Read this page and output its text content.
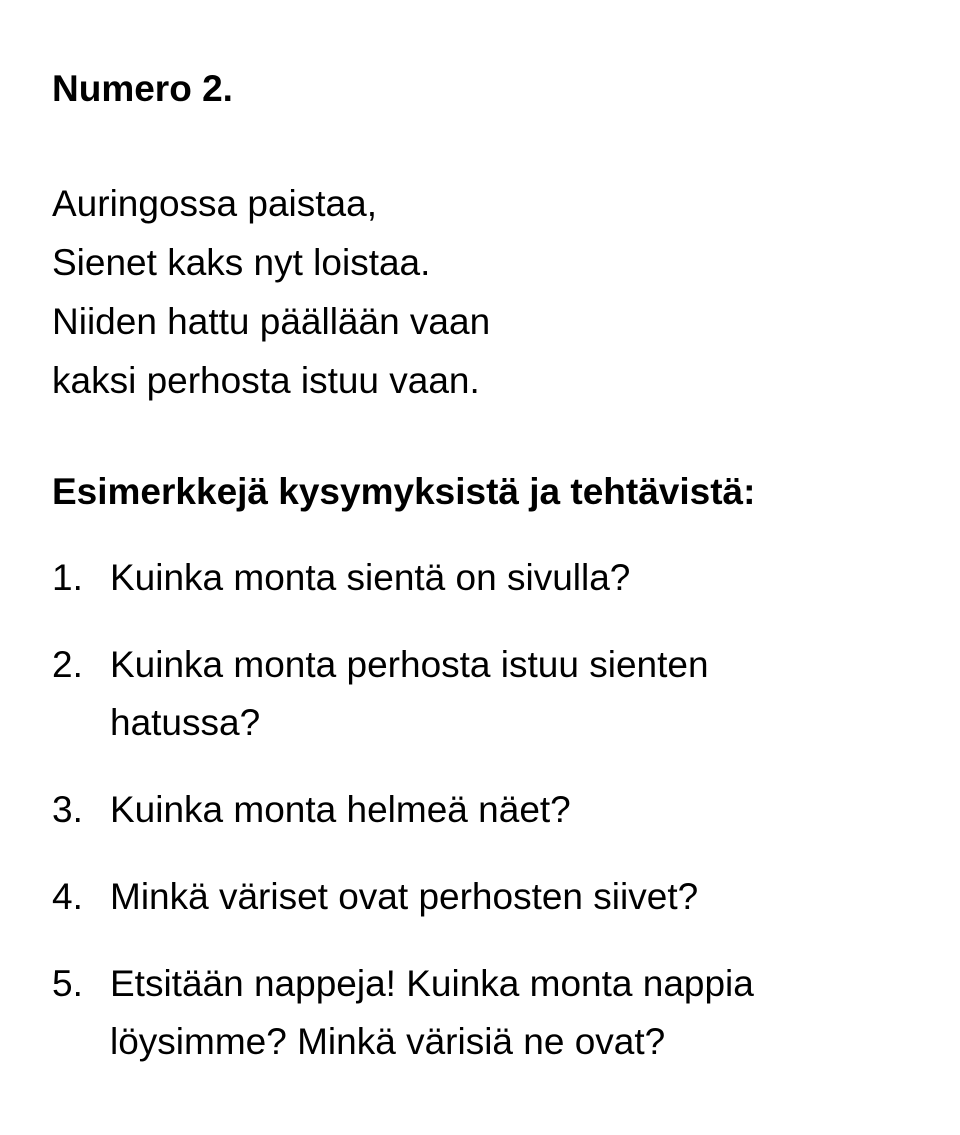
Numero 2.
Auringossa paistaa,
Sienet kaks nyt loistaa.
Niiden hattu päällään vaan
kaksi perhosta istuu vaan.
Esimerkkejä kysymyksistä ja tehtävistä:
1. Kuinka monta sientä on sivulla?
2. Kuinka monta perhosta istuu sienten
hatussa?
3. Kuinka monta helmeä näet?
4. Minkä väriset ovat perhosten siivet?
5. Etsitään nappeja! Kuinka monta nappia
löysimme? Minkä värisiä ne ovat?
